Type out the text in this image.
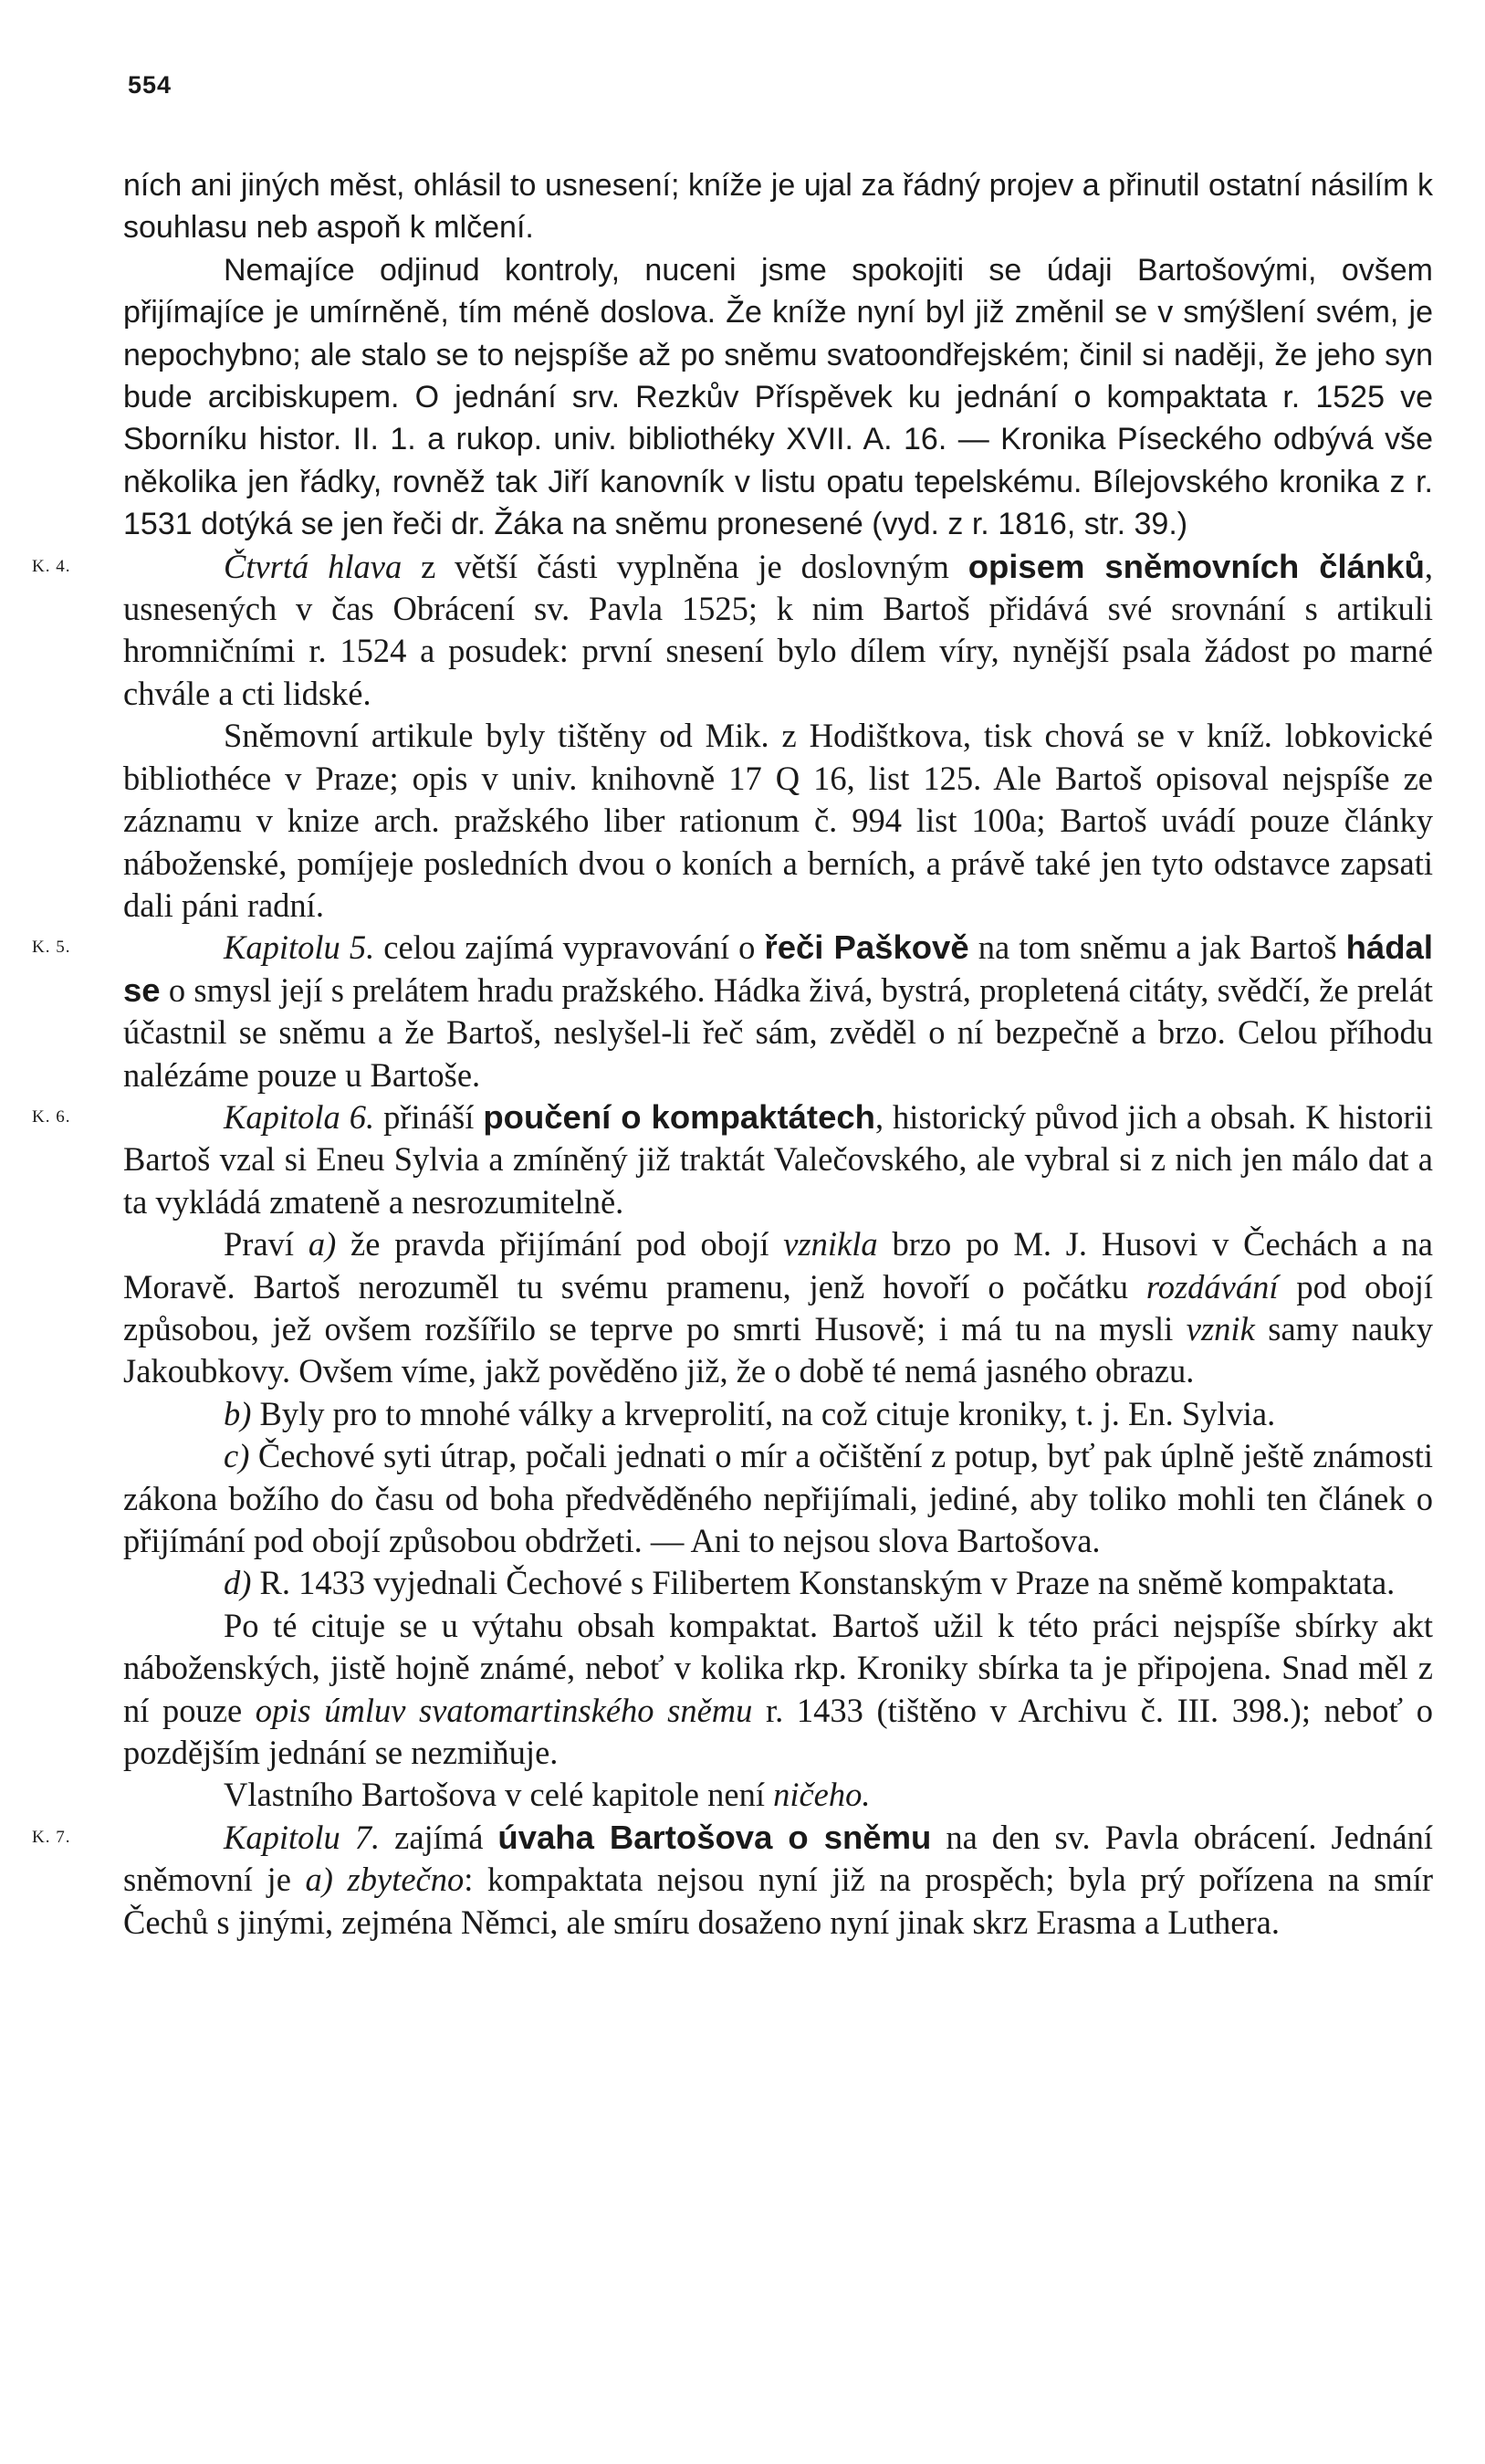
554

ních ani jiných měst, ohlásil to usnesení; kníže je ujal za řádný projev a přinutil ostatní násilím k souhlasu neb aspoň k mlčení.

Nemajíce odjinud kontroly, nuceni jsme spokojiti se údaji Bartošovými, ovšem přijímajíce je umírněně, tím méně doslova. Že kníže nyní byl již změnil se v smýšlení svém, je nepochybno; ale stalo se to nejspíše až po sněmu svatoondřejském; činil si naději, že jeho syn bude arcibiskupem. O jednání srv. Rezkův Příspěvek ku jednání o kompaktata r. 1525 ve Sborníku histor. II. 1. a rukop. univ. bibliothéky XVII. A. 16. — Kronika Píseckého odbývá vše několika jen řádky, rovněž tak Jiří kanovník v listu opatu tepelskému. Bílejovského kronika z r. 1531 dotýká se jen řeči dr. Žáka na sněmu pronesené (vyd. z r. 1816, str. 39.)

K. 4.	Čtvrtá hlava z větší části vyplněna je doslovným opisem sněmovních článků, usnesených v čas Obrácení sv. Pavla 1525; k nim Bartoš přidává své srovnání s artikuli hromničními r. 1524 a posudek: první snesení bylo dílem víry, nynější psala žádost po marné chvále a cti lidské.

Sněmovní artikule byly tištěny od Mik. z Hodištkova, tisk chová se v kníž. lobkovické bibliothéce v Praze; opis v univ. knihovně 17 Q 16, list 125. Ale Bartoš opisoval nejspíše ze záznamu v knize arch. pražského liber rationum č. 994 list 100a; Bartoš uvádí pouze články náboženské, pomíjeje posledních dvou o koních a berních, a právě také jen tyto odstavce zapsati dali páni radní.

K. 5.	Kapitolu 5. celou zajímá vypravování o řeči Paškově na tom sněmu a jak Bartoš hádal se o smysl její s prelátem hradu pražského. Hádka živá, bystrá, propletená citáty, svědčí, že prelát účastnil se sněmu a že Bartoš, neslyšel-li řeč sám, zvěděl o ní bezpečně a brzo. Celou příhodu nalézáme pouze u Bartoše.

K. 6.	Kapitola 6. přináší poučení o kompaktátech, historický původ jich a obsah. K historii Bartoš vzal si Eneu Sylvia a zmíněný již traktát Valečovského, ale vybral si z nich jen málo dat a ta vykládá zmateně a nesrozumitelně.

Praví a) že pravda přijímání pod obojí vznikla brzo po M. J. Husovi v Čechách a na Moravě. Bartoš nerozuměl tu svému pramenu, jenž hovoří o počátku rozdávání pod obojí způsobou, jež ovšem rozšířilo se teprve po smrti Husově; i má tu na mysli vznik samy nauky Jakoubkovy. Ovšem víme, jakž pověděno již, že o době té nemá jasného obrazu.

b) Byly pro to mnohé války a krveprolití, na což cituje kroniky, t. j. En. Sylvia.

c) Čechové syti útrap, počali jednati o mír a očištění z potup, byť pak úplně ještě známosti zákona božího do času od boha předvěděného nepřijímali, jediné, aby toliko mohli ten článek o přijímání pod obojí způsobou obdržeti. — Ani to nejsou slova Bartošova.

d) R. 1433 vyjednali Čechové s Filibertem Konstanským v Praze na sněmě kompaktata.

Po té cituje se u výtahu obsah kompaktat. Bartoš užil k této práci nejspíše sbírky akt náboženských, jistě hojně známé, neboť v kolika rkp. Kroniky sbírka ta je připojena. Snad měl z ní pouze opis úmluv svatomartinského sněmu r. 1433 (tištěno v Archivu č. III. 398.); neboť o pozdějším jednání se nezmiňuje.

Vlastního Bartošova v celé kapitole není ničeho.

K. 7.	Kapitolu 7. zajímá úvaha Bartošova o sněmu na den sv. Pavla obrácení. Jednání sněmovní je a) zbytečno: kompaktata nejsou nyní již na prospěch; byla prý pořízena na smír Čechů s jinými, zejména Němci, ale smíru dosaženo nyní jinak skrz Erasma a Luthera.
